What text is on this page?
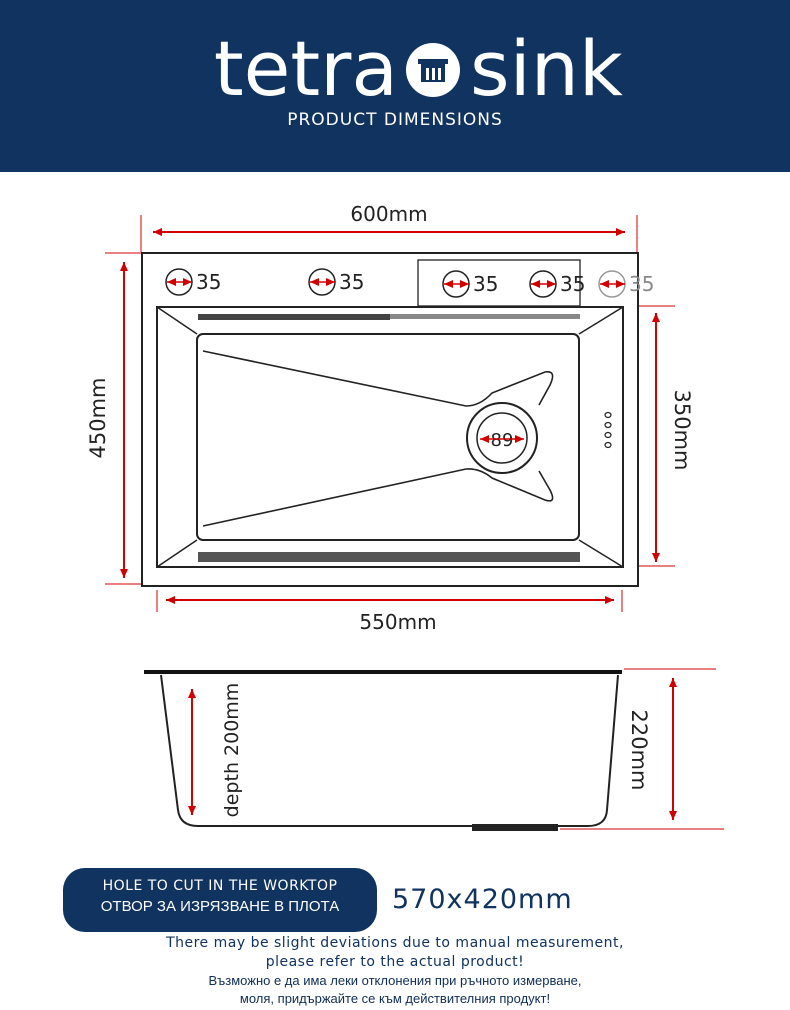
tetra sink
PRODUCT DIMENSIONS
600mm
450mm	89
35	35	35	35 35
350mm
550mm
depth 200mm	220mm
HOLE TO CUT IN THE WORKTOP
ОТВОР ЗА ИЗРЯЗВАНЕ В ПЛОТА	570x420mm
There may be slight deviations due to manual measurement,
please refer to the actual product!
Възможно е да има леки отклонения при ръчното измерване,
моля, придържайте се към действителния продукт!
